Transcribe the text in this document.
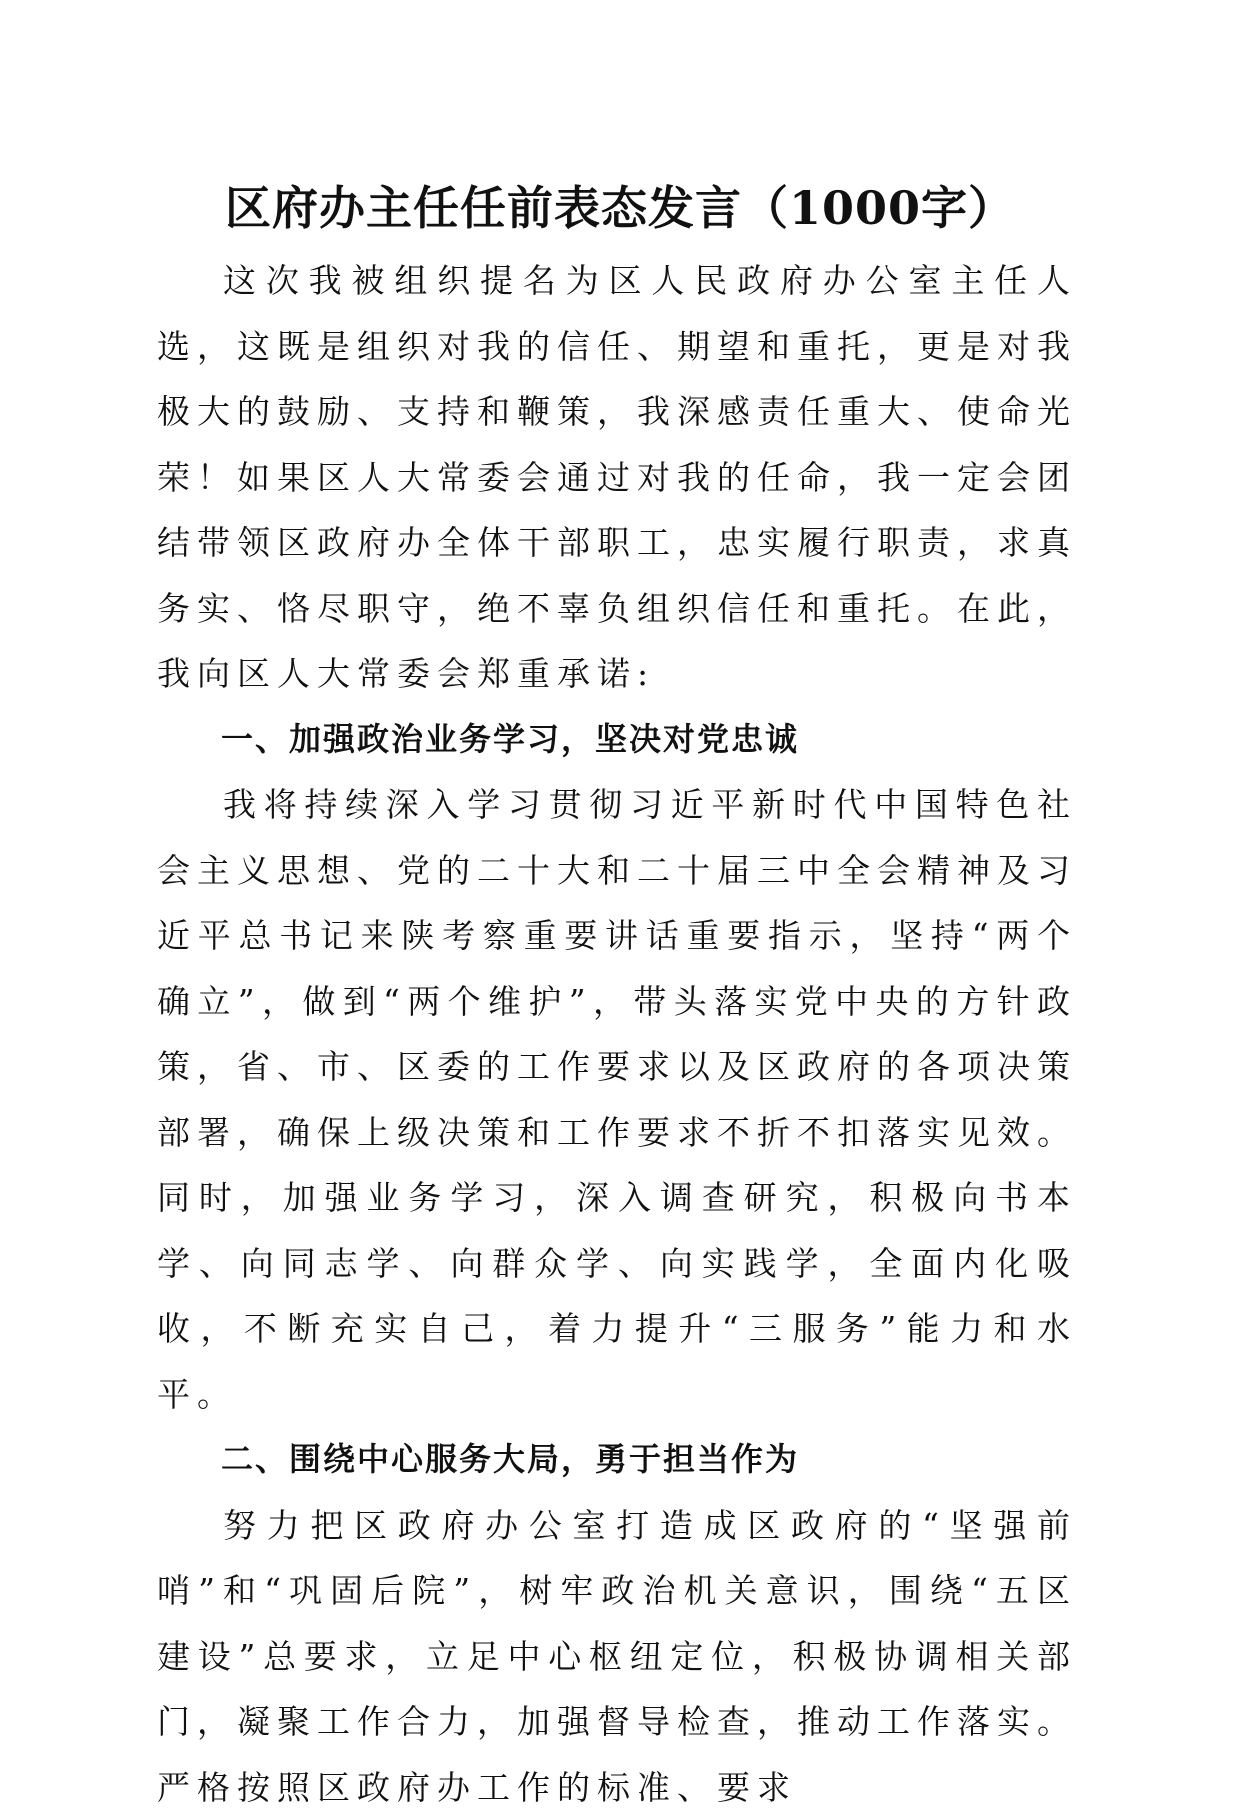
区府办主任任前表态发言（1000字）

这次我被组织提名为区人民政府办公室主任人选，这既是组织对我的信任、期望和重托，更是对我极大的鼓励、支持和鞭策，我深感责任重大、使命光荣！如果区人大常委会通过对我的任命，我一定会团结带领区政府办全体干部职工，忠实履行职责，求真务实、恪尽职守，绝不辜负组织信任和重托。在此，我向区人大常委会郑重承诺:

一、加强政治业务学习，坚决对党忠诚

我将持续深入学习贯彻习近平新时代中国特色社会主义思想、党的二十大和二十届三中全会精神及习近平总书记来陕考察重要讲话重要指示，坚持“两个确立”，做到“两个维护”，带头落实党中央的方针政策，省、市、区委的工作要求以及区政府的各项决策部署，确保上级决策和工作要求不折不扣落实见效。同时，加强业务学习，深入调查研究，积极向书本学、向同志学、向群众学、向实践学，全面内化吸收，不断充实自己，着力提升“三服务”能力和水平。

二、围绕中心服务大局，勇于担当作为

努力把区政府办公室打造成区政府的“坚强前哨”和“巩固后院”，树牢政治机关意识，围绕“五区建设”总要求，立足中心枢纽定位，积极协调相关部门，凝聚工作合力，加强督导检查，推动工作落实。严格按照区政府办工作的标准、要求
